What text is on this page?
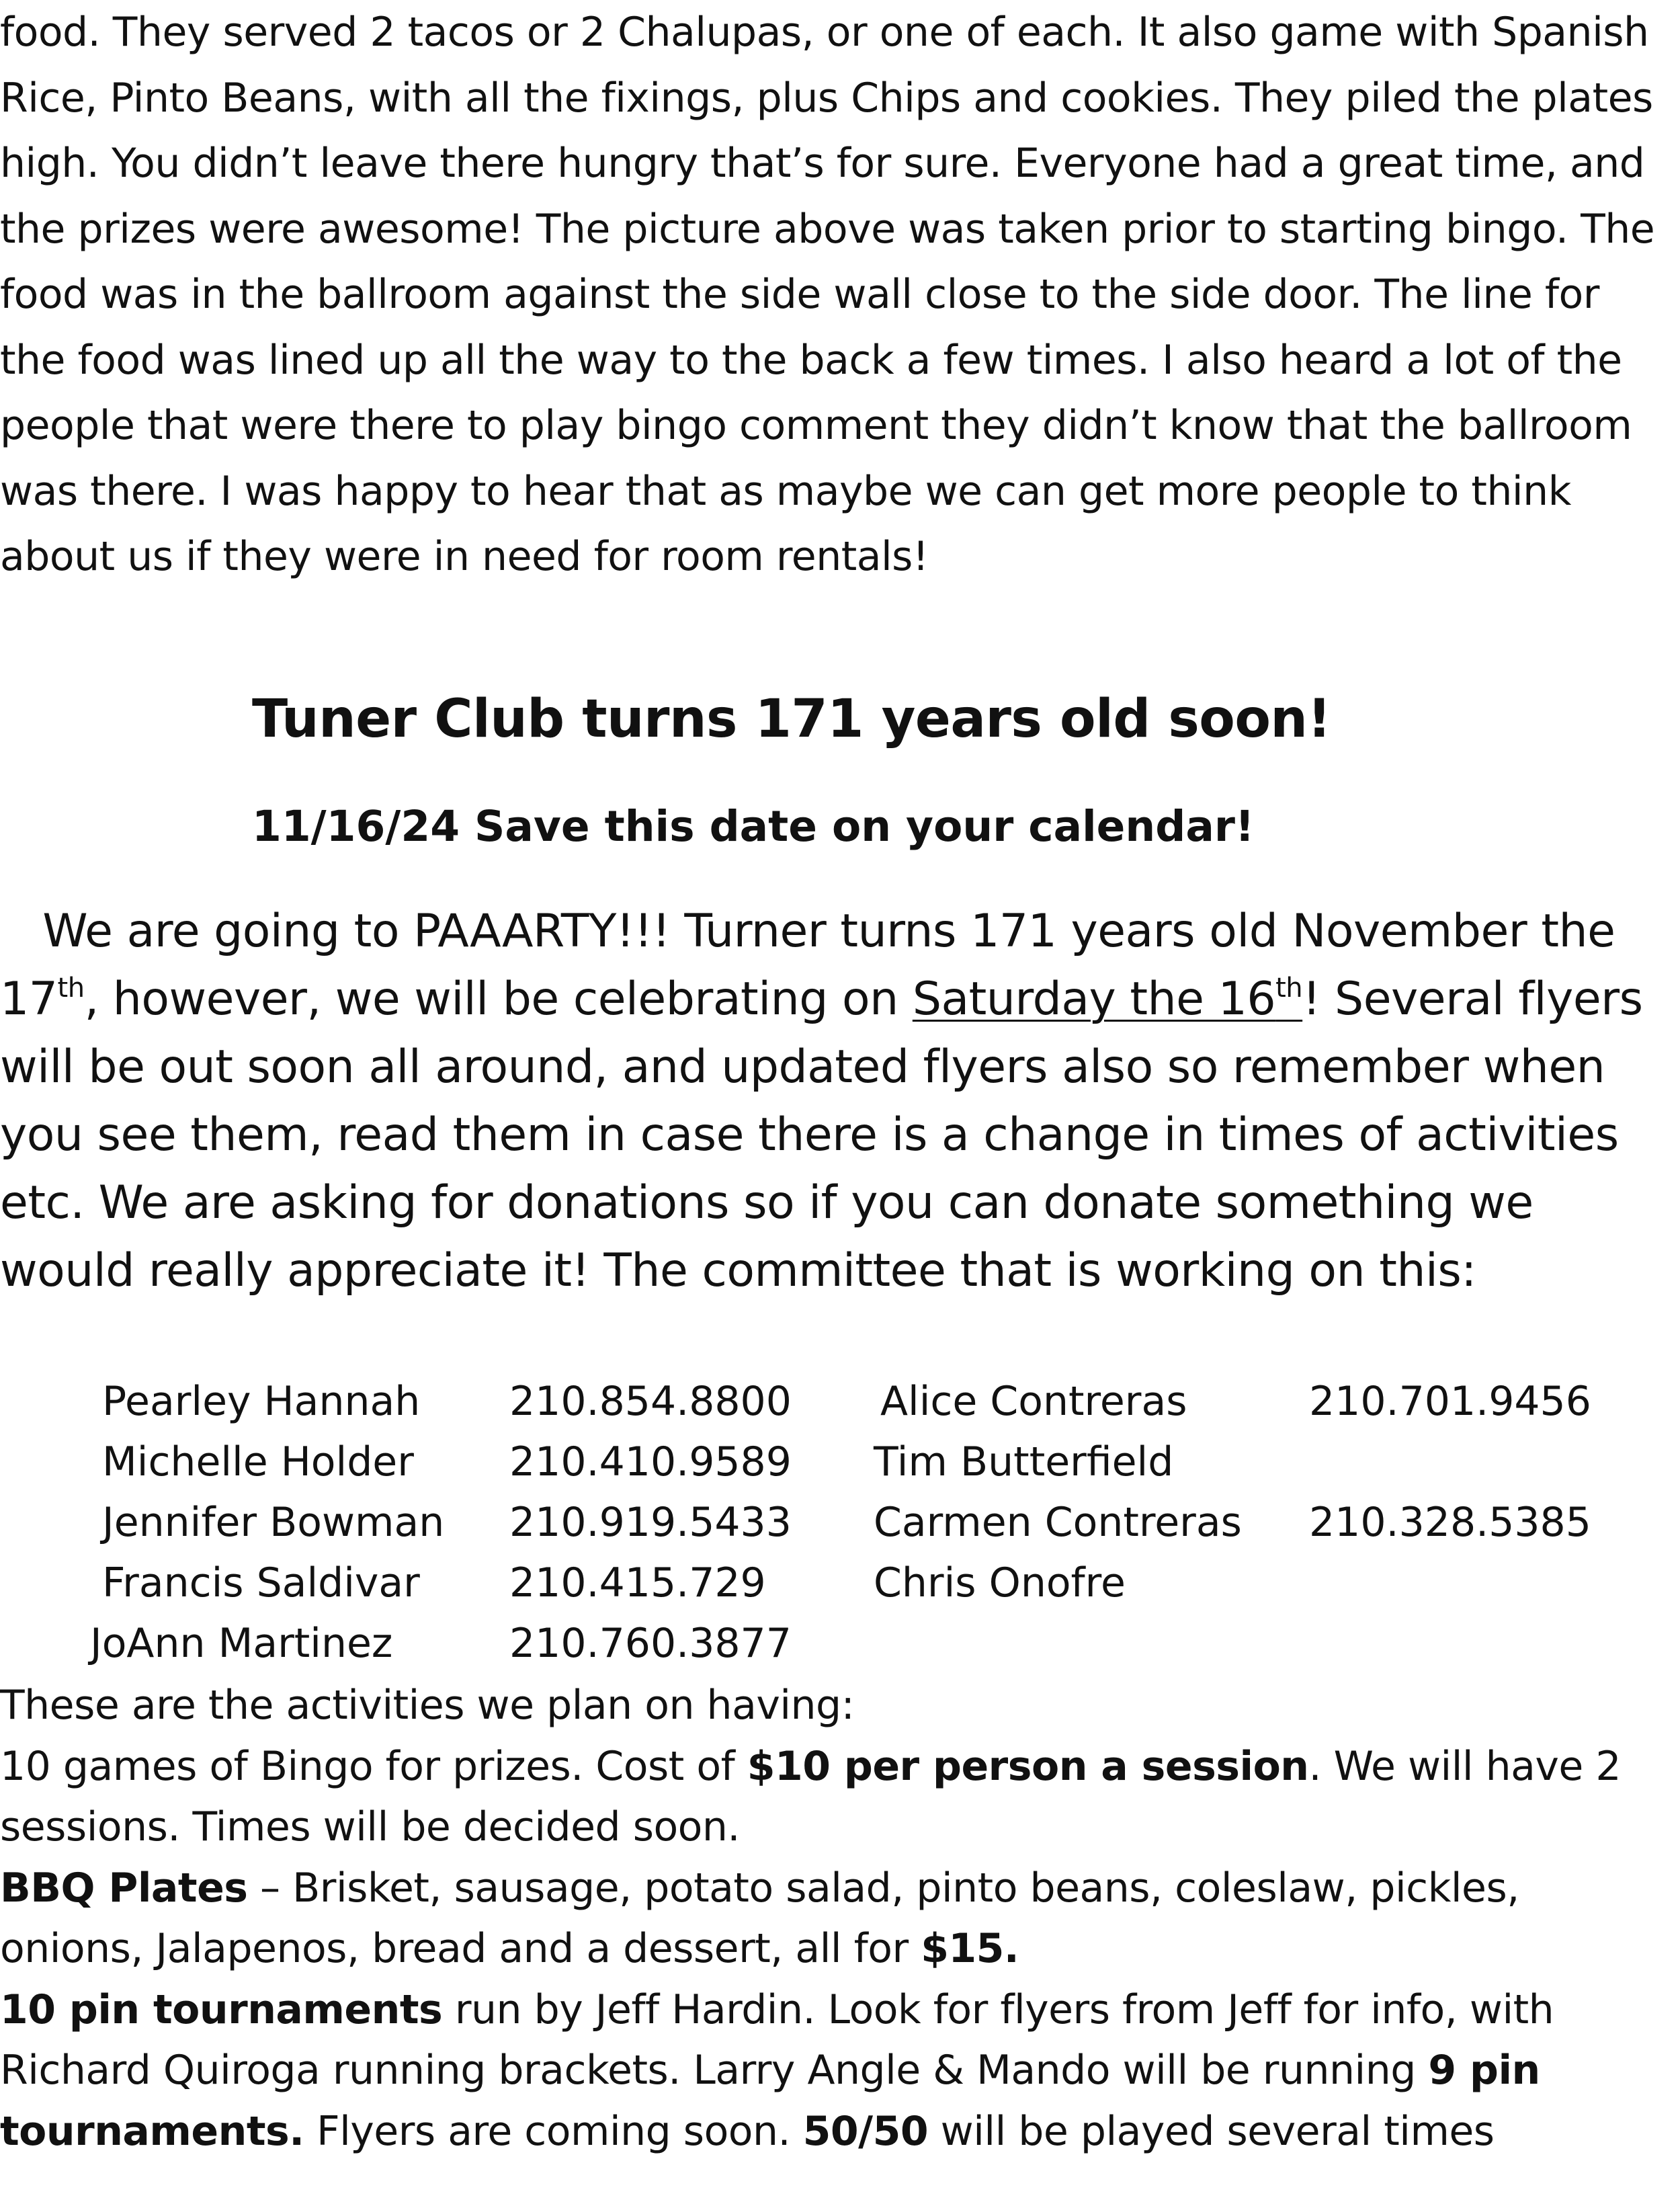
food. They served 2 tacos or 2 Chalupas, or one of each. It also game with Spanish Rice, Pinto Beans, with all the fixings, plus Chips and cookies. They piled the plates high. You didn’t leave there hungry that’s for sure. Everyone had a great time, and the prizes were awesome! The picture above was taken prior to starting bingo. The food was in the ballroom against the side wall close to the side door. The line for the food was lined up all the way to the back a few times. I also heard a lot of the people that were there to play bingo comment they didn’t know that the ballroom was there. I was happy to hear that as maybe we can get more people to think about us if they were in need for room rentals!

Tuner Club turns 171 years old soon!
11/16/24 Save this date on your calendar!

We are going to PAAARTY!!! Turner turns 171 years old November the 17th, however, we will be celebrating on Saturday the 16th! Several flyers will be out soon all around, and updated flyers also so remember when you see them, read them in case there is a change in times of activities etc. We are asking for donations so if you can donate something we would really appreciate it! The committee that is working on this:

Pearley Hannah 210.854.8800 Alice Contreras	210.701.9456
Michelle Holder 210.410.9589 Tim Butterfield
Jennifer Bowman 210.919.5433 Carmen Contreras 210.328.5385
Francis Saldivar 210.415.729	Chris Onofre
JoAnn Martinez	210.760.3877

These are the activities we plan on having:

10 games of Bingo for prizes. Cost of $10 per person a session. We will have 2 sessions. Times will be decided soon.

BBQ Plates – Brisket, sausage, potato salad, pinto beans, coleslaw, pickles, onions, Jalapenos, bread and a dessert, all for $15.

10 pin tournaments run by Jeff Hardin. Look for flyers from Jeff for info, with Richard Quiroga running brackets. Larry Angle & Mando will be running 9 pin tournaments. Flyers are coming soon. 50/50 will be played several times
